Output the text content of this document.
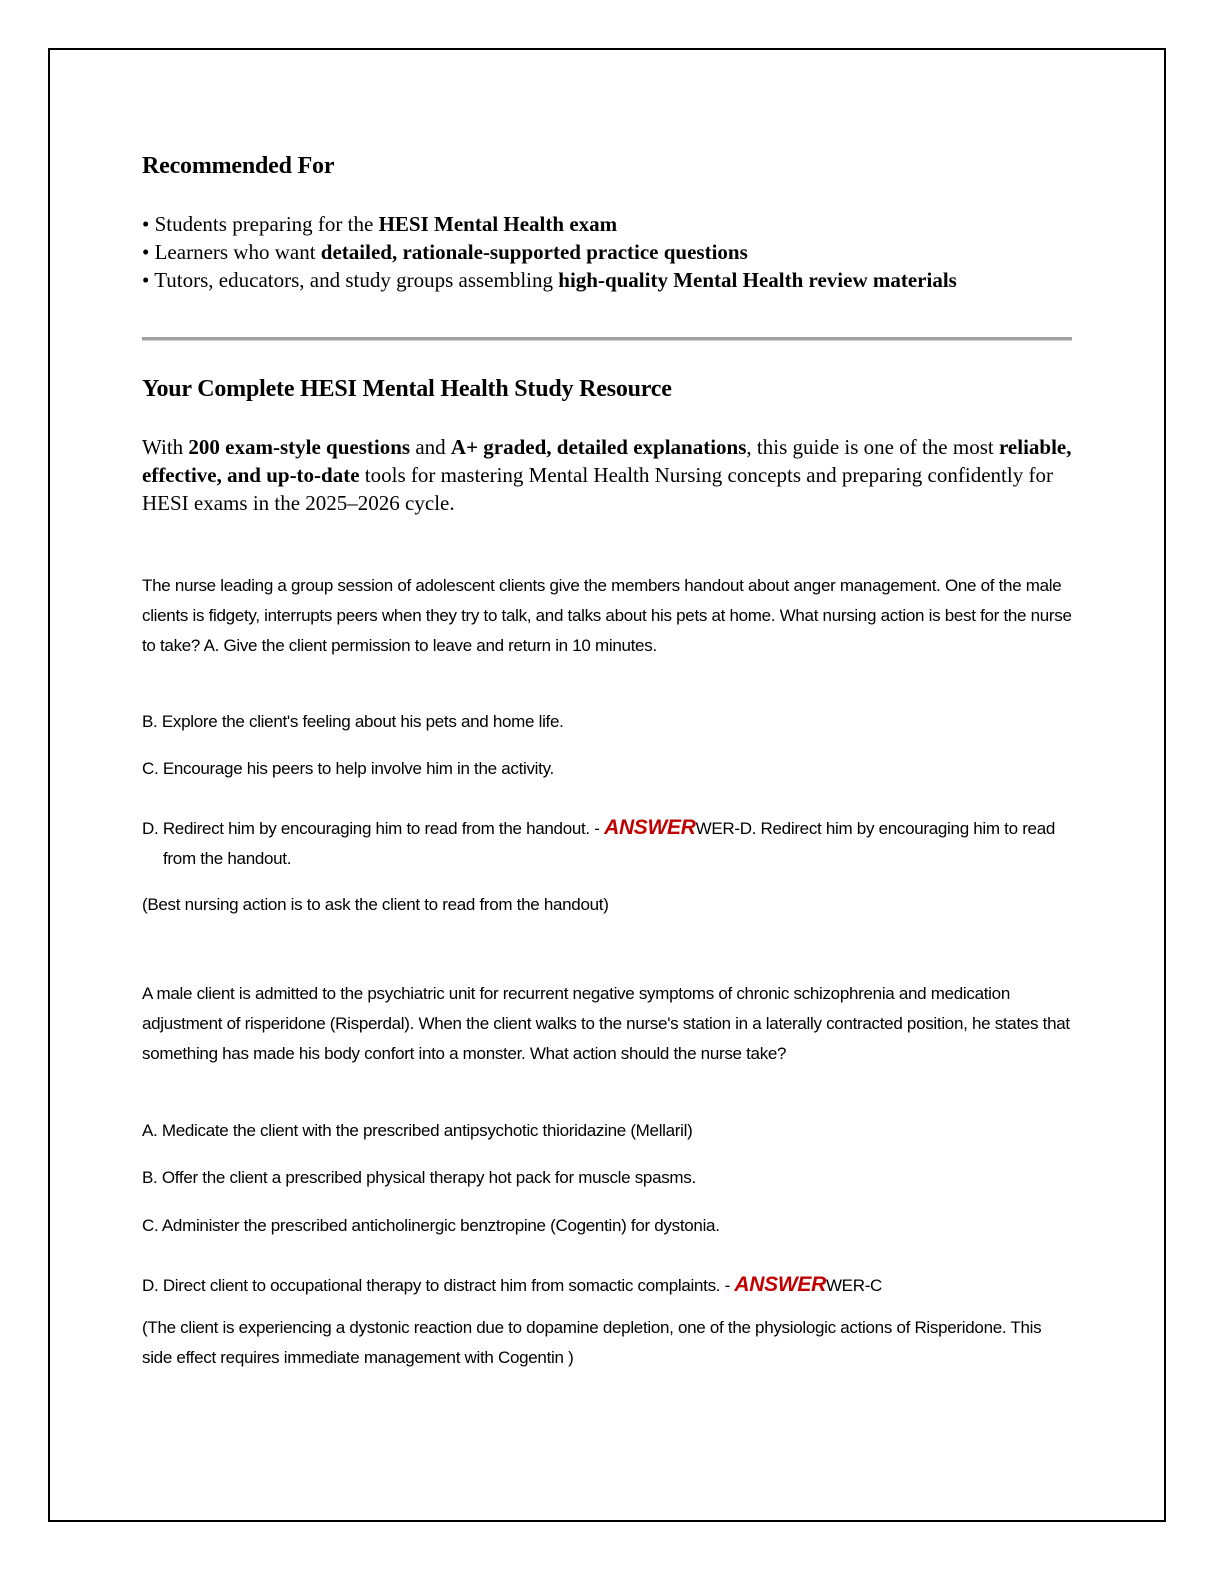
Recommended For
• Students preparing for the HESI Mental Health exam
• Learners who want detailed, rationale-supported practice questions
• Tutors, educators, and study groups assembling high-quality Mental Health review materials
Your Complete HESI Mental Health Study Resource
With 200 exam-style questions and A+ graded, detailed explanations, this guide is one of the most reliable, effective, and up-to-date tools for mastering Mental Health Nursing concepts and preparing confidently for HESI exams in the 2025–2026 cycle.
The nurse leading a group session of adolescent clients give the members handout about anger management. One of the male clients is fidgety, interrupts peers when they try to talk, and talks about his pets at home. What nursing action is best for the nurse to take? A. Give the client permission to leave and return in 10 minutes.
B. Explore the client's feeling about his pets and home life.
C. Encourage his peers to help involve him in the activity.
D. Redirect him by encouraging him to read from the handout. - ANSWERWER-D. Redirect him by encouraging him to read from the handout.
(Best nursing action is to ask the client to read from the handout)
A male client is admitted to the psychiatric unit for recurrent negative symptoms of chronic schizophrenia and medication adjustment of risperidone (Risperdal). When the client walks to the nurse's station in a laterally contracted position, he states that something has made his body confort into a monster. What action should the nurse take?
A. Medicate the client with the prescribed antipsychotic thioridazine (Mellaril)
B. Offer the client a prescribed physical therapy hot pack for muscle spasms.
C. Administer the prescribed anticholinergic benztropine (Cogentin) for dystonia.
D. Direct client to occupational therapy to distract him from somactic complaints. - ANSWERWER-C
(The client is experiencing a dystonic reaction due to dopamine depletion, one of the physiologic actions of Risperidone. This side effect requires immediate management with Cogentin )
